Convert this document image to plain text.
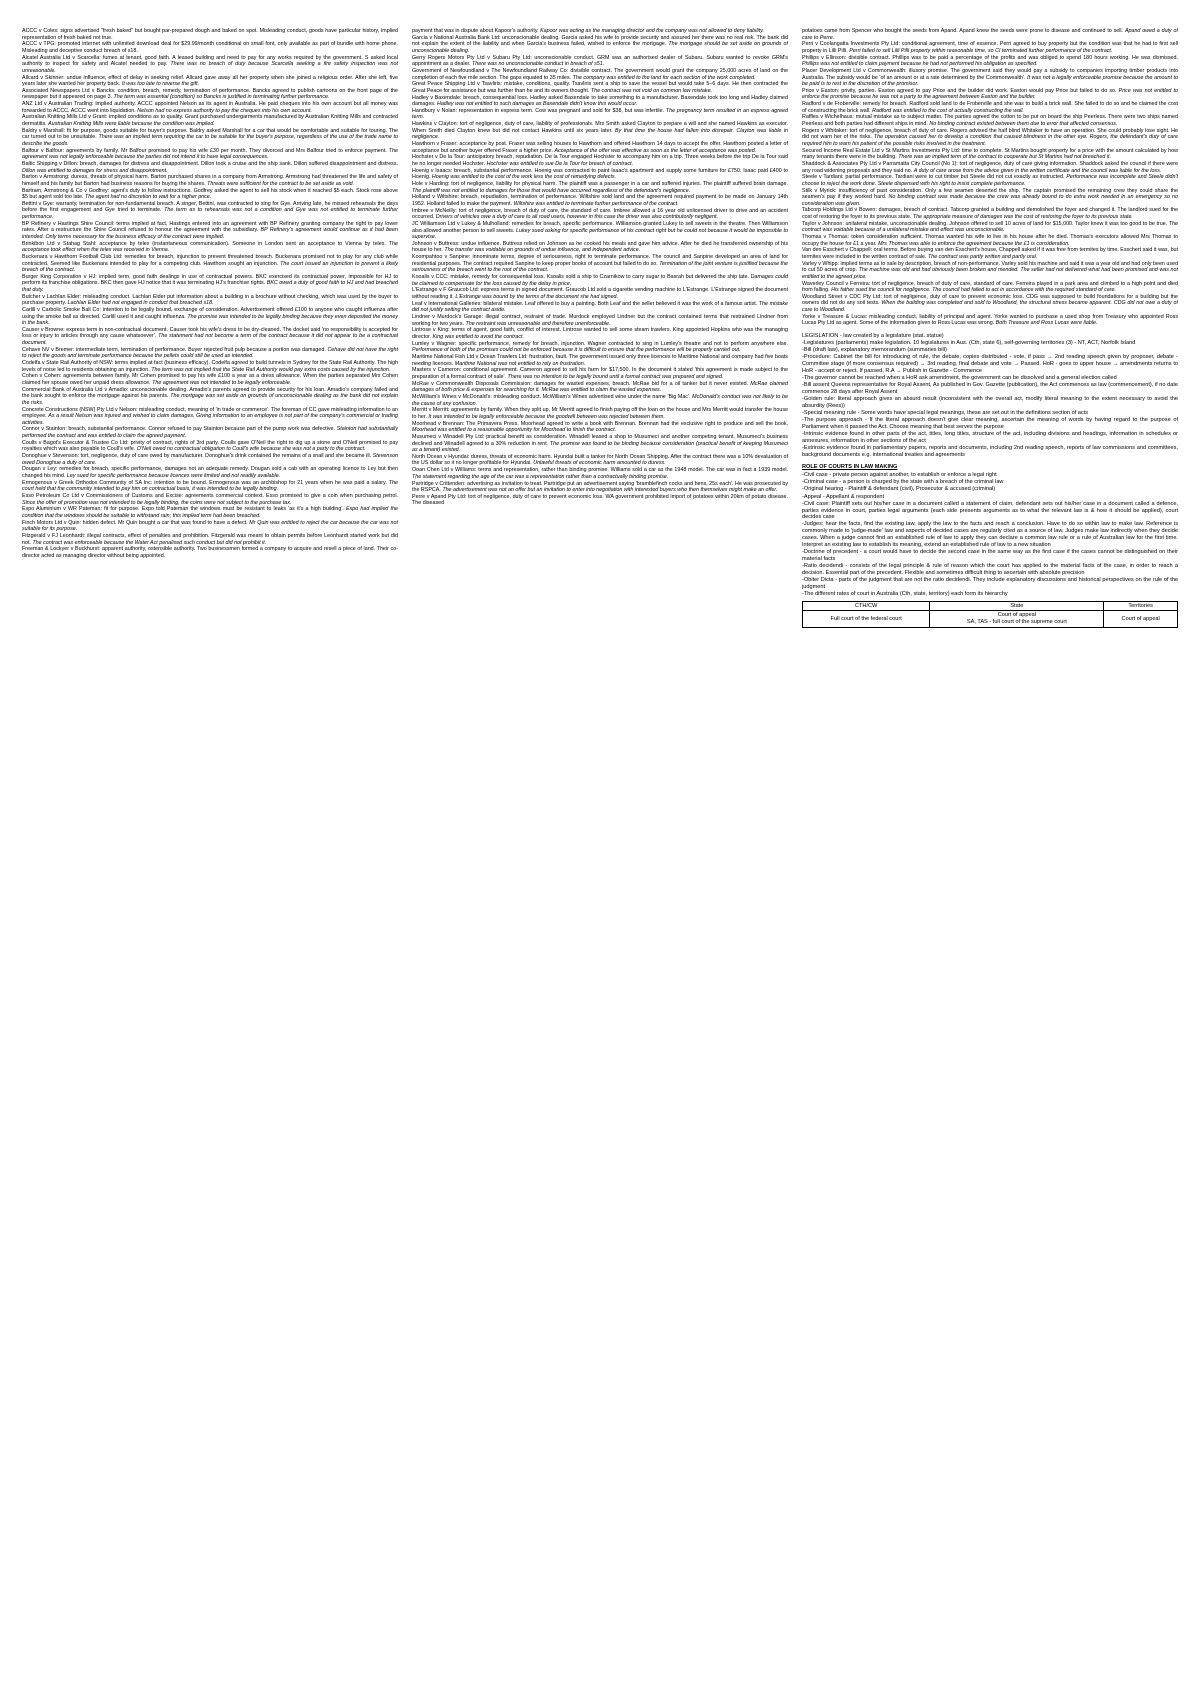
ACCC v Coles: signs advertised "fresh baked" but bought par-prepared dough and baked on spot. Misleading conduct, goods have particular history, implied representation of fresh baked not true.
ACCC v TPG: promoted internet with unlimited download deal for $29.99/month conditional on small font, only available as part of bundle with home phone. Misleading and deceptive conduct breach of s18.
Alcatel Australia Ltd v Scarcella: fumes at tenant, good faith. A leased building and need to pay for any works required by the government. S asked local authority to inspect for safety and Alcatel needed to pay. There was no breach of duty because Scarcella seeking a fire safety inspection was not unreasonable.
Allcard v Skinner: undue influence, effect of delay in seeking relief. Allcard gave away all her property when she joined a religious order. After she left, five years later she wanted her property back. It was too late to reverse the gift.
Associated Newspapers Ltd v Bancks: condition, breach, remedy, termination of performance. Bancks agreed to publish cartoons on the front page of the newspaper but it appeared on page 3. The term was essential (condition) so Bancks is justified in terminating further performance.
ANZ Ltd v Australian Trading: implied authority. ACCC appointed Nelson as its agent in Australia. He paid cheques into his own account but all money was forwarded to ACCC. ACCC went into liquidation. Nelson had no express authority to pay the cheques into his own account.
Australian Knitting Mills Ltd v Grant: implied conditions as to quality. Grant purchased undergarments manufactured by Australian Knitting Mills and contracted dermatitis. Australian Knitting Mills were liable because the condition was implied.
Baldry v Marshall: fit for purpose, goods suitable for buyer's purpose. Baldry asked Marshall for a car that would be comfortable and suitable for touring. The car turned out to be unsuitable. There was an implied term requiring the car to be suitable for the buyer's purpose, regardless of the use of the trade name to describe the goods.
Balfour v Balfour: agreements by family. Mr Balfour promised to pay his wife £30 per month. They divorced and Mrs Balfour tried to enforce payment. The agreement was not legally enforceable because the parties did not intend it to have legal consequences.
Baltic Shipping v Dillon: breach, damages for distress and disappointment. Dillon took a cruise and the ship sank. Dillon suffered disappointment and distress. Dillon was entitled to damages for stress and disappointment.
Barton v Armstrong: duress, threats of physical harm. Barton purchased shares in a company from Armstrong. Armstrong had threatened the life and safety of himself and his family but Barton had business reasons for buying the shares. Threats were sufficient for the contract to be set aside as void.
Bartram, Armstrong & Co v Godfrey: agent's duty to follow instructions. Godfrey asked the agent to sell his stock when it reached $5 each. Stock rose above $5 but agent sold too late. The agent had no discretion to wait for a higher price.
Bettini v Gye: warranty, termination for non-fundamental breach. A singer, Bettini, was contracted to sing for Gye. Arriving late, he missed rehearsals the days before the first engagement and Gye tried to terminate. The term as to rehearsals was not a condition and Gye was not entitled to terminate further performance.
BP Refinery v Hastings Shire Council: terms implied at fact. Hastings entered into an agreement with BP Refinery granting company the right to pay lower rates. After a restructure the Shire Council refused to honour the agreement with the subsidiary. BP Refinery's agreement would continue as it had been intended. Only terms necessary for the business efficacy of the contract were implied.
Brinkibon Ltd v Stahag Stahl: acceptance by telex (instantaneous communication). Someone in London sent an acceptance to Vienna by telex. The acceptance took effect when the telex was received in Vienna.
Buckenara v Hawthorn Football Club Ltd: remedies for breach, injunction to prevent threatened breach. Buckenara promised not to play for any club while contracted. Seemed like Buckenara intended to play for a competing club. Hawthorn sought an injunction. The court issued an injunction to prevent a likely breach of the contract.
Burger King Corporation v HJ: implied term, good faith dealings in use of contractual powers. BKC exercised its contractual power, impossible for HJ to perform its franchise obligations. BKC then gave HJ notice that it was terminating HJ's franchise rights. BKC owed a duty of good faith to HJ and had breached that duty.
Butcher v Lachlan Elder: misleading conduct. Lachlan Elder put information about a building in a brochure without checking, which was used by the buyer to purchase property. Lachlan Elder had not engaged in conduct that breached s18.
Carlill v Carbolic Smoke Ball Co: intention to be legally bound, exchange of consideration. Advertisement offered £100 to anyone who caught influenza after using the smoke ball as directed. Carlill used it and caught influenza. The promise was intended to be legally binding because they even deposited the money in the bank.
Causer v Browne: express term in non-contractual document. Causer took his wife's dress to be dry-cleaned. The docket said 'no responsibility is accepted for loss or injury to articles through any cause whatsoever'. The statement had not become a term of the contract because it did not appear to be a contractual document.
Cehave NV v Bremer: intermediate term, termination of performance. Buyer rejected fruit pulp because a portion was damaged. Cehave did not have the right to reject the goods and terminate performance because the pellets could still be used as intended.
Codelfa v State Rail Authority of NSW: terms implied at fact (business efficacy). Codelfa agreed to build tunnels in Sydney for the State Rail Authority. The high levels of noise led to residents obtaining an injunction. The term was not implied that the State Rail Authority would pay extra costs caused by the injunction.
Cohen v Cohen: agreements between family. Mr Cohen promised to pay his wife £100 a year as a dress allowance. When the parties separated Mrs Cohen claimed her spouse owed her unpaid dress allowance. The agreement was not intended to be legally enforceable.
Commercial Bank of Australia Ltd v Amadio: unconscionable dealing. Amadio's parents agreed to provide security for his loan. Amadio's company failed and the bank sought to enforce the mortgage against his parents. The mortgage was set aside on grounds of unconscionable dealing as the bank did not explain the risks.
Concrete Constructions (NSW) Pty Ltd v Nelson: misleading conduct, meaning of 'in trade or commerce'. The foreman of CC gave misleading information to an employee. As a result Nelson was injured and wished to claim damages. Giving information to an employee is not part of the company's commercial or trading activities.
Connor v Stainton: breach, substantial performance. Connor refused to pay Stainton because part of the pump work was defective. Stainton had substantially performed the contract and was entitled to claim the agreed payment.
Coulls v Bagot's Executor & Trustee Co Ltd: privity of contract, rights of 3rd party. Coulls gave O'Neil the right to dig up a stone and O'Neil promised to pay royalties which was also payable to Coull's wife. O'Neil owed no contractual obligation to Coull's wife because she was not a party to the contract.
Donoghue v Stevenson: tort, negligence, duty of care owed by manufacturer. Donoghue's drink contained the remains of a snail and she became ill. Stevenson owed Donoghue a duty of care.
Dougan v Ley: remedies for breach, specific performance, damages not an adequate remedy. Dougan sold a cab with an operating licence to Ley but then changed his mind. Ley sued for specific performance because licences were limited and not readily available.
Ermogenous v Greek Orthodox Community of SA Inc: intention to be bound. Ermogenous was an archbishop for 21 years when he was paid a salary. The court held that the community intended to pay him on contractual basis, it was intended to be legally binding.
Esso Petroleum Co Ltd v Commissioners of Customs and Excise: agreements commercial context. Esso promised to give a coin when purchasing petrol. Since the offer of promotion was not intended to be legally binding, the coins were not subject to the purchase tax.
Expo Aluminium v WR Pateman: fit for purpose. Expo told Pateman the windows must be resistant to leaks 'as it's a high building'. Expo had implied the condition that the windows should be suitable to withstand rain; this implied term had been breached.
Finch Motors Ltd v Quin: hidden defect. Mr Quin bought a car that was found to have a defect. Mr Quin was entitled to reject the car because the car was not suitable for its purpose.
Fitzgerald v FJ Leonhardt: illegal contracts, effect of penalties and prohibition. Fitzgerald was meant to obtain permits before Leonhardt started work but did not. The contract was enforceable because the Water Act penalised such conduct but did not prohibit it.
Freeman & Lockyer v Buckhurst: apparent authority, ostensible authority. Two businessmen formed a company to acquire and resell a piece of land. Their co-director acted as managing director without being appointed.
payment that was in dispute about Kapoor's authority. Kapoor was acting as the managing director and the company was not allowed to deny liability.
Garcia v National Australia Bank Ltd: unconscionable dealing. Garcia asked his wife to provide security and assured her there was no real risk. The bank did not explain the extent of the liability and when Garcia's business failed, wished to enforce the mortgage. The mortgage should be set aside on grounds of unconscionable dealing.
Gerry Rogers Motors Pty Ltd v Subaru Pty Ltd: unconscionable conduct. GRM was an authorised dealer of Subaru. Subaru wanted to revoke GRM's appointment as a dealer. There was no unconscionable conduct in breach of s51.
Government of Newfoundland v The Newfoundland Railway Co: divisible contract. The government would grant the company 25,000 acres of land on the completion of each five mile section. The gaps equated to 35 miles. The company was entitled to the land for each section of the work completed.
Great Peace Shipping Ltd v Tsavliris: mistake, conditions, quality. Tsavliris sent a ship to save the vessel but would take 5–6 days. He then contracted the Great Peace for assistance but was further than he and its owners thought. The contract was not void on common law mistake.
Hadley v Baxendale: breach, consequential loss. Hadley asked Baxendale to take something to a manufacturer. Baxendale took too long and Hadley claimed damages. Hadley was not entitled to such damages as Baxendale didn't know this would occur.
Handbury v Nolan: representation in express term. Cow was pregnant and sold for $38, but was infertile. The pregnancy term resulted in an express agreed term.
Hawkins v Clayton: tort of negligence, duty of care, liability of professionals. Mrs Smith asked Clayton to prepare a will and she named Hawkins as executor. When Smith died Clayton knew but did not contact Hawkins until six years later. By that time the house had fallen into disrepair. Clayton was liable in negligence.
Hawthorn v Fraser: acceptance by post. Fraser was selling houses to Hawthorn and offered Hawthorn 14 days to accept the offer. Hawthorn posted a letter of acceptance but another buyer offered Fraser a higher price. Acceptance of the offer was effective as soon as the letter of acceptance was posted.
Hochster v De la Tour: anticipatory breach, repudiation. De la Tour engaged Hochster to accompany him on a trip. Three weeks before the trip De la Tour said he no longer needed Hochster. Hochster was entitled to sue De la Tour for breach of contract.
Hoenig v Isaacs: breach, substantial performance. Hoenig was contracted to paint Isaac's apartment and supply some furniture for £750. Isaac paid £400 to Hoenig. Hoenig was entitled to the cost of the work less the cost of remedying defects.
Hole v Harding: tort of negligence, liability for physical harm. The plaintiff was a passenger in a car and suffered injuries. The plaintiff suffered brain damage. The plaintiff was not entitled to damages for those that would have occurred regardless of the defendant's negligence.
Holland v Wiltshire: breach, repudiation, termination of performance. Wiltshire sold land and the agreement required payment to be made on January 14th 1952. Holland failed to make the payment. Wiltshire was entitled to terminate further performance of the contract.
Imbree v McNeilly: tort of negligence, breach of duty of care, the standard of care. Imbree allowed a 16 year old unlicensed driver to drive and an accident occurred. Drivers of vehicles owe a duty of care to all road users, however in this case the driver was also contributorily negligent.
JC Williamson Ltd v Lukey & Mulholland: remedies for breach, specific performance. Williamson granted Lukey to sell sweets in the theatre. Then Williamson also allowed another person to sell sweets. Lukey sued asking for specific performance of his contract right but he could not because it would be impossible to supervise.
Johnson v Buttress: undue influence. Buttress relied on Johnson as he cooked his meals and gave him advice. After he died he transferred ownership of his house to her. The transfer was voidable on grounds of undue influence, and independent advice.
Koompahtoo v Sanpine: innominate terms, degree of seriousness, right to terminate performance. The council and Sanpine developed an area of land for residential purposes. The contract required Sanpine to keep proper books of account but failed to do so. Termination of the joint venture is justified because the seriousness of the breach went to the root of the contract.
Kooalis v CCC: mistake, remedy for consequential loss. Ksoalis sold a ship to Czarnikow to carry sugar to Basrah but delivered the ship late. Damages could be claimed to compensate for the loss caused by the delay in price.
L'Estrange v F Graucob Ltd: express terms in signed document. Graucob Ltd sold a cigarette vending machine to L'Estrange. L'Estrange signed the document without reading it. L'Estrange was bound by the terms of the document she had signed.
Leaf v International Galleries: bilateral mistake. Leaf offered to buy a painting. Both Leaf and the seller believed it was the work of a famous artist. The mistake did not justify setting the contract aside.
Lindner v Murdock's Garage: illegal contract, restraint of trade. Murdock employed Lindner but the contract contained terms that restrained Lindner from working for two years. The restraint was unreasonable and therefore unenforceable.
Lintrose v King: terms of agent, good faith, conflict of interest. Lintrose wanted to sell some steam trawlers. King appointed Hopkins who was the managing director. King was entitled to avoid the contract.
Lumley v Wagner: specific performance, remedy for breach, injunction. Wagner contracted to sing in Lumley's theatre and not to perform anywhere else. Performance of both of the promises could not be enforced because it is difficult to ensure that the performance will be properly carried out.
Maritime National Fish Ltd v Ocean Trawlers Ltd: frustration, fault. The government issued only three licences to Maritime National and company had five boats needing licences. Maritime National was not entitled to rely on frustration.
Masters v Cameron: conditional agreement. Cameron agreed to sell his farm for $17,500. In the document it stated 'this agreement is made subject to the preparation of a formal contract of sale'. There was no intention to be legally bound until a formal contract was prepared and signed.
McRae v Commonwealth Disposals Commission: damages for wasted expenses, breach. McRae bid for a oil tanker but it never existed. McRae claimed damages of both price & expenses for searching for it. McRae was entitled to claim the wasted expenses.
McWilliam's Wines v McDonald's: misleading conduct. McWilliam's Wines advertised wine under the name 'Big Mac'. McDonald's conduct was not likely to be the cause of any confusion.
Merritt v Merritt: agreements by family. When they split up, Mr Merritt agreed to finish paying off the loan on the house and Mrs Merritt would transfer the house to her. It was intended to be legally enforceable because the goodwill between was rejected between them.
Moorhead v Brennan: The Primavera Press. Moorhead agreed to write a book with Brennan. Brennan had the exclusive right to produce and sell the book. Moorhead was entitled to a reasonable opportunity for Moorhead to finish the contract.
Musumeci v Winadell Pty Ltd: practical benefit as consideration. Winadell leased a shop to Musumeci and another competing tenant. Musumeci's business declined and Winadell agreed to a 30% reduction in rent. The promise was found to be binding because consideration (practical benefit of keeping Musumeci as a tenant) existed.
North Ocean v Hyundai: duress, threats of economic harm. Hyundai built a tanker for North Ocean Shipping. After the contract there was a 10% devaluation of the US dollar so it no longer profitable for Hyundai. Unlawful threats of economic harm amounted to duress.
Ooan Chen Ltd v Williams: terms and representation, rather than binding promise. Williams sold a car as the 1948 model. The car was in fact a 1939 model. The statement regarding the age of the car was a representation rather than a contractually binding promise.
Partridge v Crittenden: advertising as invitation to treat. Partridge put an advertisement saying 'bramblefinch cocks and hens, 25s each'. He was prosecuted by the RSPCA. The advertisement was not an offer but an invitation to enter into negotiation with interested buyers who then themselves might make an offer.
Perre v Apand Pty Ltd: tort of negligence, duty of care to prevent economic loss. WA government prohibited import of potatoes within 20km of potato disease. The diseased
potatoes came from Spencer who bought the seeds from Apand. Apand knew the seeds were prone to disease and continued to sell. Apand owed a duty of care to Perre.
Perri v Coolangatta Investments Pty Ltd: conditional agreement, time of essence. Perri agreed to buy property but the condition was that he had to first sell property in Lilli Pilli. Perri failed to sell Lilli Pilli property within reasonable time, so CI terminated further performance of the contract.
Phillips v Ellinson: divisible contract. Phillips was to be paid a percentage of the profits and was obliged to spend 180 hours working. He was dismissed. Phillips was not entitled to claim payment because he had not performed his obligation as specified.
Placer Development Ltd v Commonwealth: illusory promise. The government said they would pay a subsidy to companies importing timber products into Australia. The subsidy would be 'of an amount or at a rate determined by the Commonwealth'. It was not a legally enforceable promise because the amount to be paid is to rest in the discretion of the promisor.
Price v Easton: privity, parties. Easton agreed to pay Price and the builder did work. Easton would pay Price but failed to do so. Price was not entitled to enforce the promise because he was not a party to the agreement between Easton and the builder.
Radford v de Froberville: remedy for breach. Radford sold land to de Froberville and she was to build a brick wall. She failed to do so and he claimed the cost of constructing the brick wall. Radford was entitled to the cost of actually constructing the wall.
Raffles v Wichelhaus: mutual mistake as to subject matter. The parties agreed the cotton to be put on board the ship Peerless. There were two ships named Peerless and both parties had different ships in mind. No binding contract existed between them due to error that affected consensus.
Rogers v Whitaker: tort of negligence, breach of duty of care. Rogers advised the half blind Whitaker to have an operation. She could probably lose sight. He did not warn her of the risks. The operation caused her to develop a condition that caused blindness in the other eye. Rogers, the defendant's duty of care required him to warn his patient of the possible risks involved in the treatment.
Secured Income Real Estate Ltd v St Martins Investments Pty Ltd: time to complete. St Martins bought property for a price with the amount calculated by how many tenants there were in the building. There was an implied term of the contract to cooperate but St Martins had not breached it.
Shaddock & Associates Pty Ltd v Parramatta City Council (No 1): tort of negligence, duty of care giving information. Shaddock asked the council if there were any road widening proposals and they said no. A duty of care arose from the advice given in the written certificate and the council was liable for the loss.
Steele v Tardiani: partial performance. Tardiani were to cut timber but Steele did not cut exactly as instructed. Performance was incomplete and Steele didn't choose to reject the work done. Steele dispensed with his right to insist complete performance.
Stilk v Myrick: insufficiency of past consideration. Only a few seamen deserted the ship. The captain promised the remaining crew they could share the seamen's pay if they worked hard. No binding contract was made because the crew was already bound to do extra work needed in an emergency so no consideration was given.
Tabcorp Holdings Ltd v Bowen: damages, breach of contract. Tabcorp granted a building and demolished the foyer and changed it. The landlord sued for the cost of restoring the foyer to its previous state. The appropriate measure of damages was the cost of restoring the foyer to its previous state.
Taylor v Johnson: unilateral mistake, unconscionable dealing. Johnson offered to sell 10 acres of land for $15,000. Taylor knew it was too good to be true. The contract was voidable because of a unilateral mistake and effect was unconscionable.
Thomas v Thomas: token consideration sufficient. Thomas wanted his wife to live in his house after he died. Thomas's executors allowed Mrs Thomas to occupy the house for £1 a year. Mrs Thomas was able to enforce the agreement because the £1 is consideration.
Van den Esschert v Chappell: oral terms. Before buying van den Esschert's house, Chappell asked if it was free from termites by time. Esschert said it was, but termites were included in the written contract of sale. The contract was partly written and partly oral.
Varley v Whipp: implied terms as to sale by description, breach of non-performance. Varley sold his machine and said it was a year old and had only been used to cut 50 acres of crop. The machine was old and had obviously been broken and mended. The seller had not delivered what had been promised and was not entitled to the agreed price.
Waverley Council v Ferreira: tort of negligence, breach of duty of care, standard of care. Ferreira played in a park area and climbed to a high point and died from falling. His father sued the council for negligence. The council had failed to act in accordance with the required standard of care.
Woodland Street v CDC Pty Ltd: tort of negligence, duty of care to prevent economic loss. CDG was supposed to build foundations for a building but the owners did not do any soil tests. When the building was completed and sold to Woodland, the structural stress became apparent. CDG did not owe a duty of care to Woodland.
Yorke v Treasure & Lucas: misleading conduct, liability of principal and agent. Yorke wanted to purchase a used shop from Treasury who appointed Ross Lucas Pty Ltd as agent. Some of the information given to Ross Lucas was wrong. Both Treasure and Ross Lucas were liable.
LEGISLATION - law created by a legislature (stat. statue)
-Legislatures (parliaments) make legislation. 10 legislatures in Aus. (Cth, state 6), self-governing territories (3) - NT, ACT, Norfolk Island
-Bill (draft law), explanatory memorandum (summaries bill)
-Procedure: Cabinet the bill for introducing of rule, the debate, copies distributed - vote, if pass → 2nd reading speech given by proposer, debate - Committee stage (if more consensus required) → 3rd reading, final debate and vote → Passed. HoR - goes to upper house → amendments returns to HoR - accept or reject. If passed, R.A → Publish in Gazette - Commence
-The governor cannot be reached when a HoR ask amendment, the government can be dissolved and a general election called
-Bill assent Queens representative for Royal Assent, As published in Gov. Gazette (publication), the Act commences as law (commencement), if no date commence 28 days after Royal Assent
-Golden rule: literal approach gives an absurd result (inconsistent with the overall act, modify literal meaning to the extent necessary to avoid the absurdity (Rees))
-Special meaning rule - Some words have special legal meanings, these are set out in the definitions section of acts
-The purpose approach - If the literal approach doesn't give clear meaning, ascertain the meaning of words by having regard to the purpose of Parliament when it passed the Act. Choose meaning that best serves the purpose
-Intrinsic evidence found in other parts of the act, titles, long titles, structure of the act, including divisions and headings, information in schedules or annexures, information in other sections of the act
-Extrinsic evidence found in parliamentary papers, reports and documents, including 2nd reading speech, reports of law commissions and committees, background documents e.g. international treaties and agreements
ROLE OF COURTS IN LAW MAKING
-Civil case - private person against another, to establish or enforce a legal right
-Criminal case - a person is charged by the state with a breach of the criminal law
-Original hearing - Plaintiff & defendant (civil), Prosecutor & accused (criminal)
-Appeal - Appellant & respondent
-Civil case: Plaintiff sets out his/her case in a document called a statement of claim, defendant sets out his/her case in a document called a defence, parties evidence in court, parties legal arguments (each side presents arguments as to what the relevant law is & how it should be applied), court decides case
-Judges: hear the facts, find the existing law, apply the law to the facts and reach a conclusion. Have to do so within law to make law. Reference is commonly made to 'judge-made' law and aspects of decided cases are regularly cited as a source of law. Judges make law indirectly when they decide cases. When a judge cannot find an established rule of law to apply they can declare a common law rule or a rule of Australian law for the first time. Interpret an existing law to establish its meaning, extend an established rule of law to a new situation
-Doctrine of precedent - a court would have to decide the second case in the same way as the first case if the cases cannot be distinguished on their material facts
-Ratio decidendi - consists of the legal principle & rule of reason which the court has applied to the material facts of the case, in order to reach a decision. Essential part of the precedent. Flexible and sometimes difficult thing to ascertain with absolute precision
-Obiter Dicta - parts of the judgment that are not the ratio decidendi. They include explanatory discussions and historical perspectives on the rule of the judgment
-The different rates of court in Australia (Cth, state, territory) each form its hierarchy
CTH/CW	State	Territories
Full court of the federal court	Court of appeal
SA, TAS - full court of the supreme court	Court of appeal
